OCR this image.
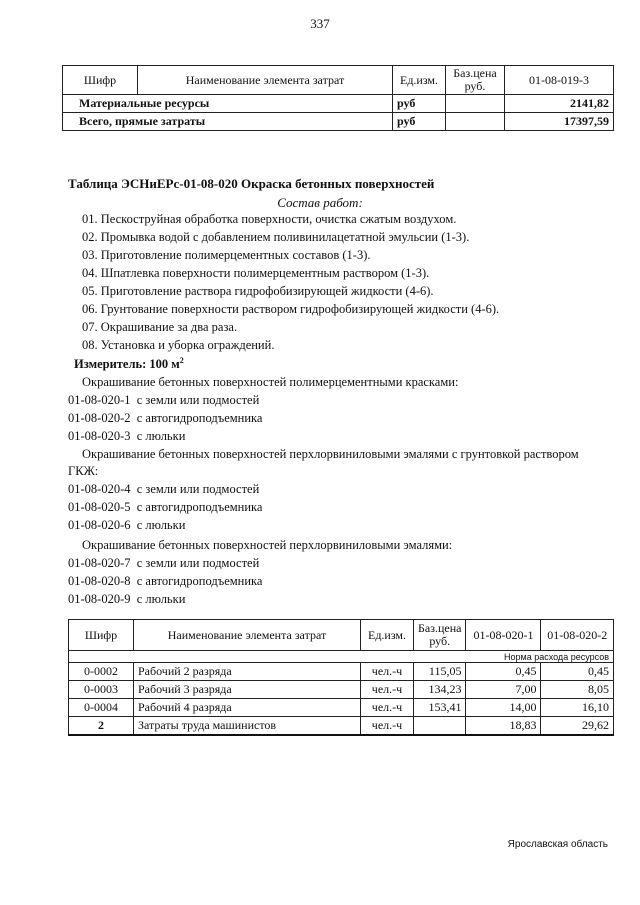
337
Шифр	Наименование элемента затрат	Ед.изм.	Баз.цена руб.	01-08-019-3
Материальные ресурсы		руб		2141,82
Всего, прямые затраты		руб		17397,59
Таблица ЭСНиЕРс-01-08-020 Окраска бетонных поверхностей
Состав работ:
01. Пескоструйная обработка поверхности, очистка сжатым воздухом.
02. Промывка водой с добавлением поливинилацетатной эмульсии (1-3).
03. Приготовление полимерцементных составов (1-3).
04. Шпатлевка поверхности полимерцементным раствором (1-3).
05. Приготовление раствора гидрофобизирующей жидкости (4-6).
06. Грунтование поверхности раствором гидрофобизирующей жидкости (4-6).
07. Окрашивание за два раза.
08. Установка и уборка ограждений.
Измеритель: 100 $м^2$
Окрашивание бетонных поверхностей полимерцементными красками:
01-08-020-1 с земли или подмостей
01-08-020-2 с автогидроподъемника
01-08-020-3 с люльки
Окрашивание бетонных поверхностей перхлорвиниловыми эмалями с грунтовкой раствором
ГКЖ:
01-08-020-4 с земли или подмостей
01-08-020-5 с автогидроподъемника
01-08-020-6 с люльки
Окрашивание бетонных поверхностей перхлорвиниловыми эмалями:
01-08-020-7 с земли или подмостей
01-08-020-8 с автогидроподъемника
01-08-020-9 с люльки
Шифр	Наименование элемента затрат	Ед.изм.	Баз.цена руб.	01-08-020-1	01-08-020-2
Норма расхода ресурсов					
0-0002	Рабочий 2 разряда	чел.-ч	115,05	0,45	0,45
0-0003	Рабочий 3 разряда	чел.-ч	134,23	7,00	8,05
0-0004	Рабочий 4 разряда	чел.-ч	153,41	14,00	16,10
2	Затраты труда машинистов	чел.-ч		18,83	29,62
Ярославская область
